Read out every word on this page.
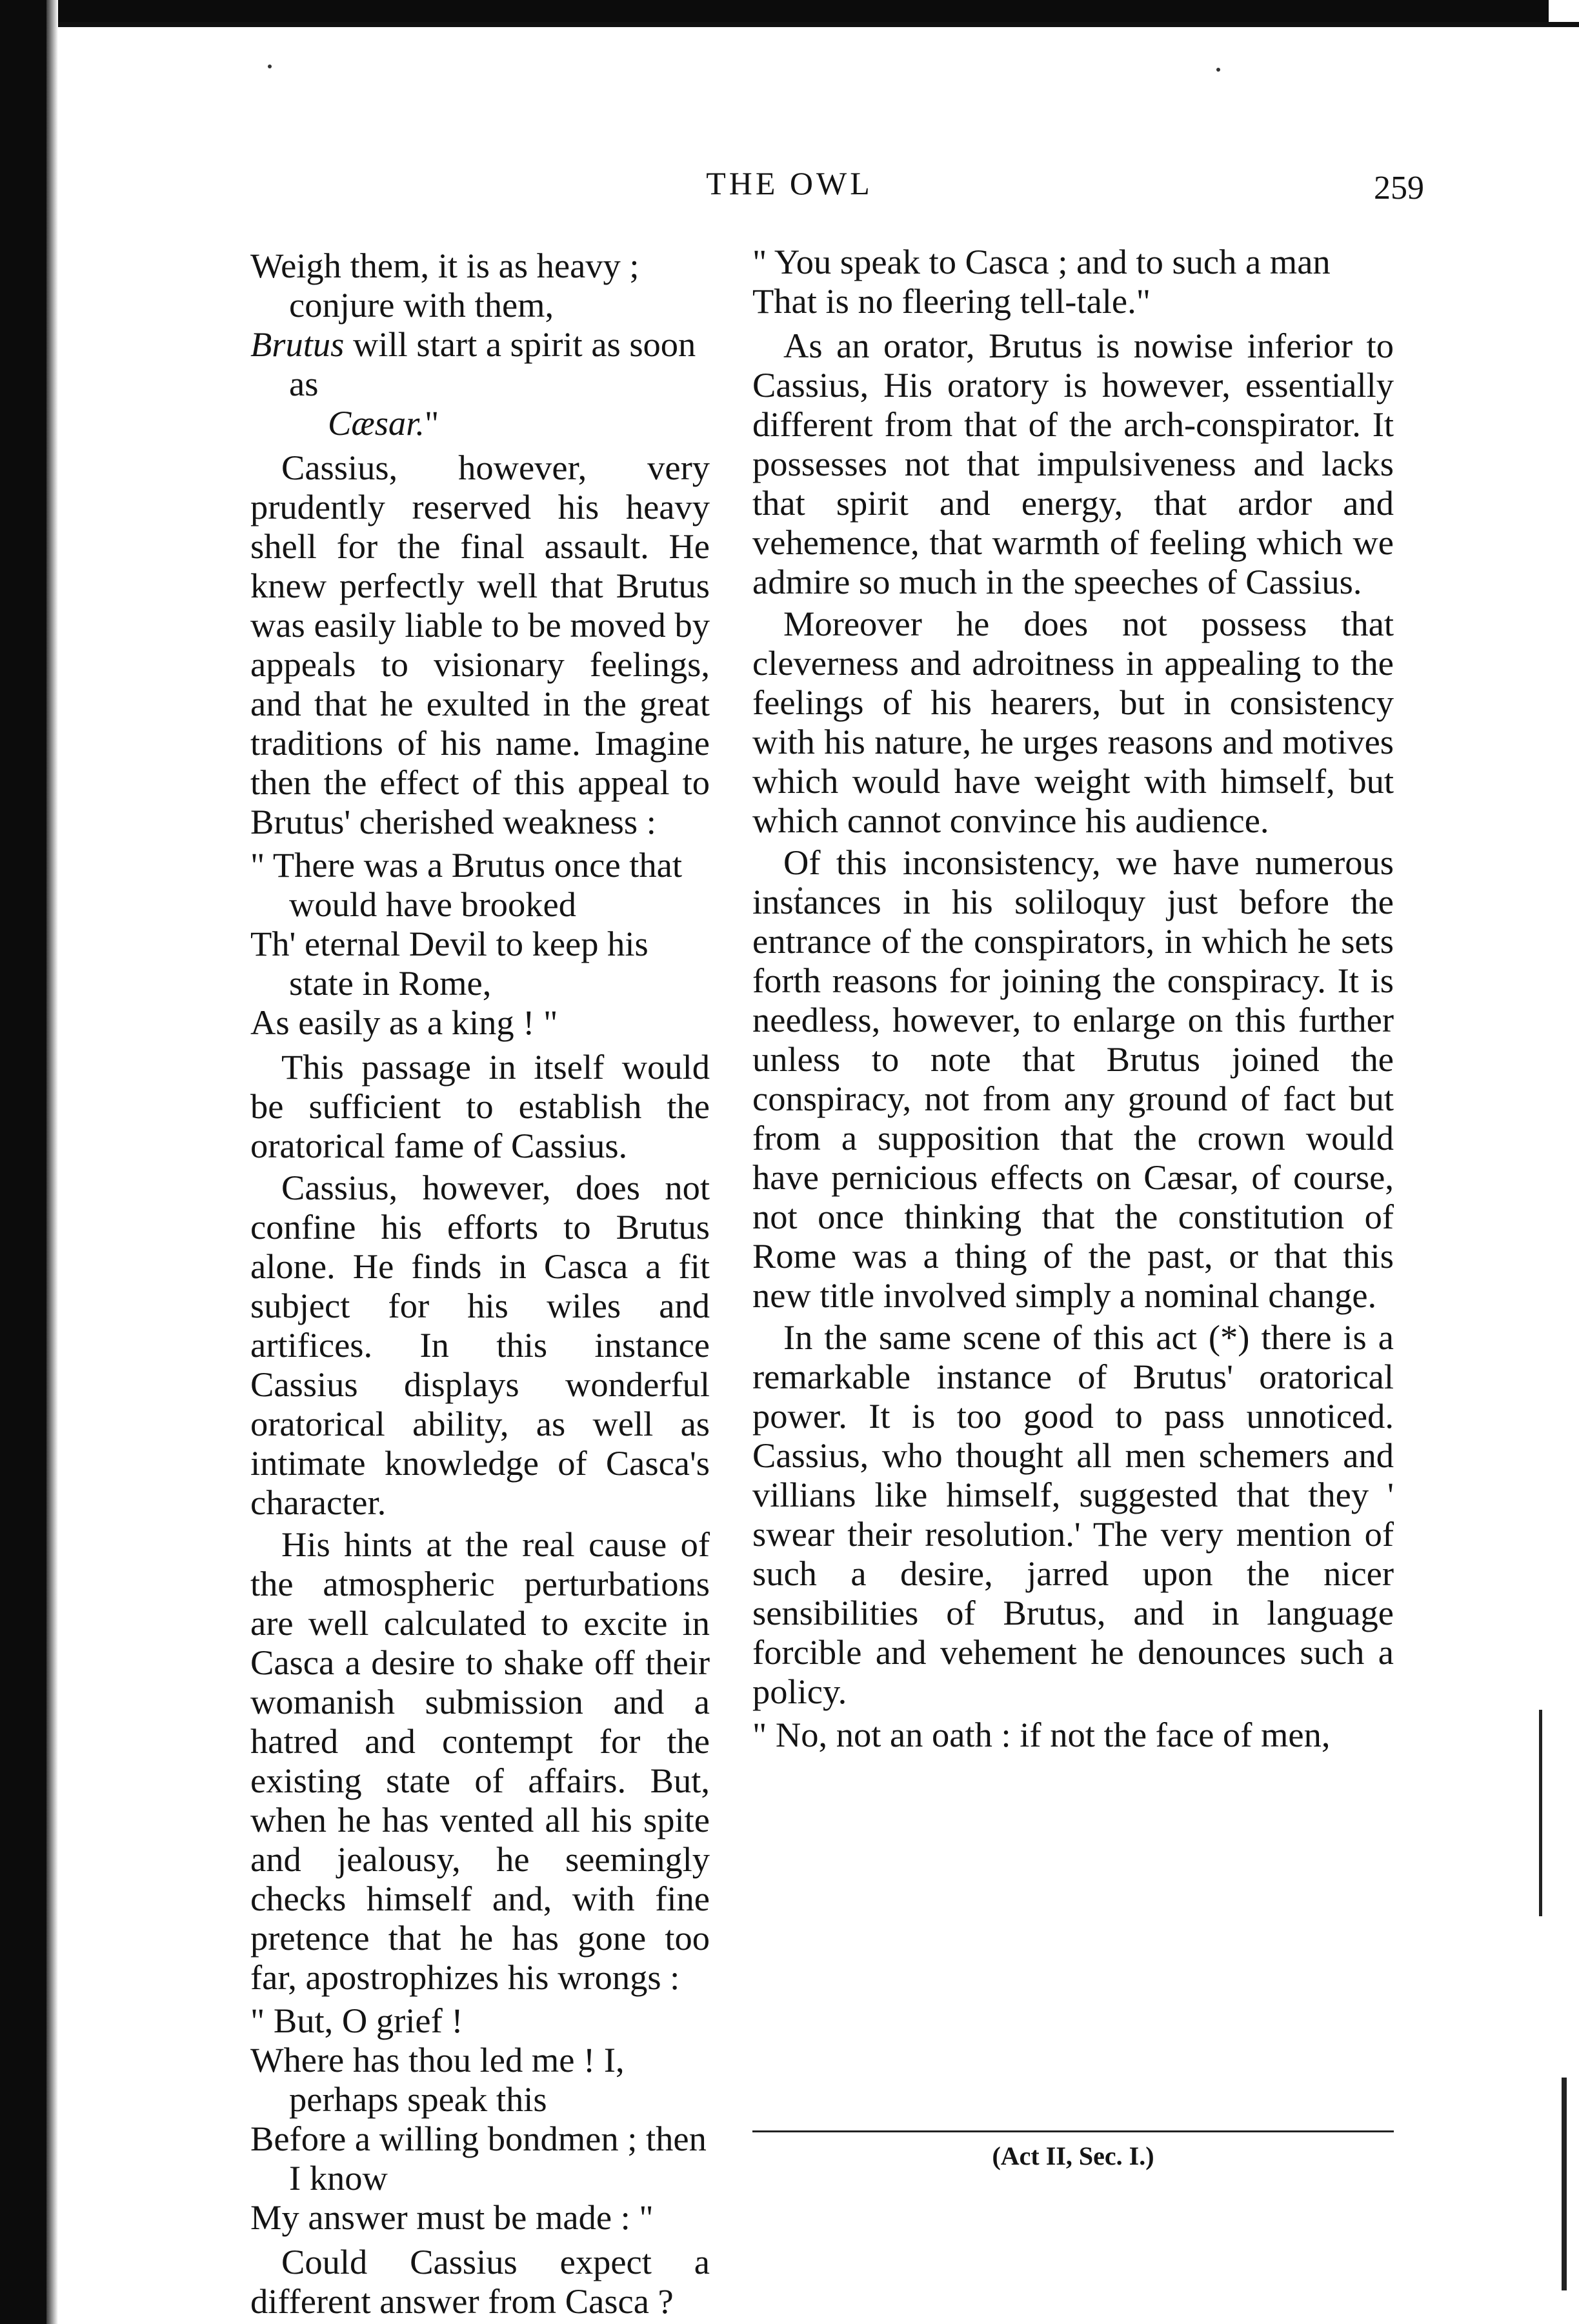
THE OWL	259
Weigh them, it is as heavy ; conjure with them,
Brutus will start a spirit as soon as
Cæsar."

Cassius, however, very prudently reserved his heavy shell for the final assault. He knew perfectly well that Brutus was easily liable to be moved by appeals to visionary feelings, and that he exulted in the great traditions of his name. Imagine then the effect of this appeal to Brutus' cherished weakness :

" There was a Brutus once that would have brooked
Th' eternal Devil to keep his state in Rome,
As easily as a king ! "

This passage in itself would be sufficient to establish the oratorical fame of Cassius.

Cassius, however, does not confine his efforts to Brutus alone. He finds in Casca a fit subject for his wiles and artifices. In this instance Cassius displays wonderful oratorical ability, as well as intimate knowledge of Casca's character.

His hints at the real cause of the atmospheric perturbations are well calculated to excite in Casca a desire to shake off their womanish submission and a hatred and contempt for the existing state of affairs. But, when he has vented all his spite and jealousy, he seemingly checks himself and, with fine pretence that he has gone too far, apostrophizes his wrongs :

" But, O grief !
Where has thou led me ! I, perhaps speak this
Before a willing bondmen ; then I know
My answer must be made : "

Could Cassius expect a different answer from Casca ?

" You speak to Casca ; and to such a man
That is no fleering tell-tale."

As an orator, Brutus is nowise inferior to Cassius, His oratory is however, essentially different from that of the arch-conspirator. It possesses not that impulsiveness and lacks that spirit and energy, that ardor and vehemence, that warmth of feeling which we admire so much in the speeches of Cassius.

Moreover he does not possess that cleverness and adroitness in appealing to the feelings of his hearers, but in consistency with his nature, he urges reasons and motives which would have weight with himself, but which cannot convince his audience.

Of this inconsistency, we have numerous instances in his soliloquy just before the entrance of the conspirators, in which he sets forth reasons for joining the conspiracy. It is needless, however, to enlarge on this further unless to note that Brutus joined the conspiracy, not from any ground of fact but from a supposition that the crown would have pernicious effects on Cæsar, of course, not once thinking that the constitution of Rome was a thing of the past, or that this new title involved simply a nominal change.

In the same scene of this act (*) there is a remarkable instance of Brutus' oratorical power. It is too good to pass unnoticed. Cassius, who thought all men schemers and villians like himself, suggested that they ' swear their resolution.' The very mention of such a desire, jarred upon the nicer sensibilities of Brutus, and in language forcible and vehement he denounces such a policy.

" No, not an oath : if not the face of men,
(Act II, Sec. I.)
